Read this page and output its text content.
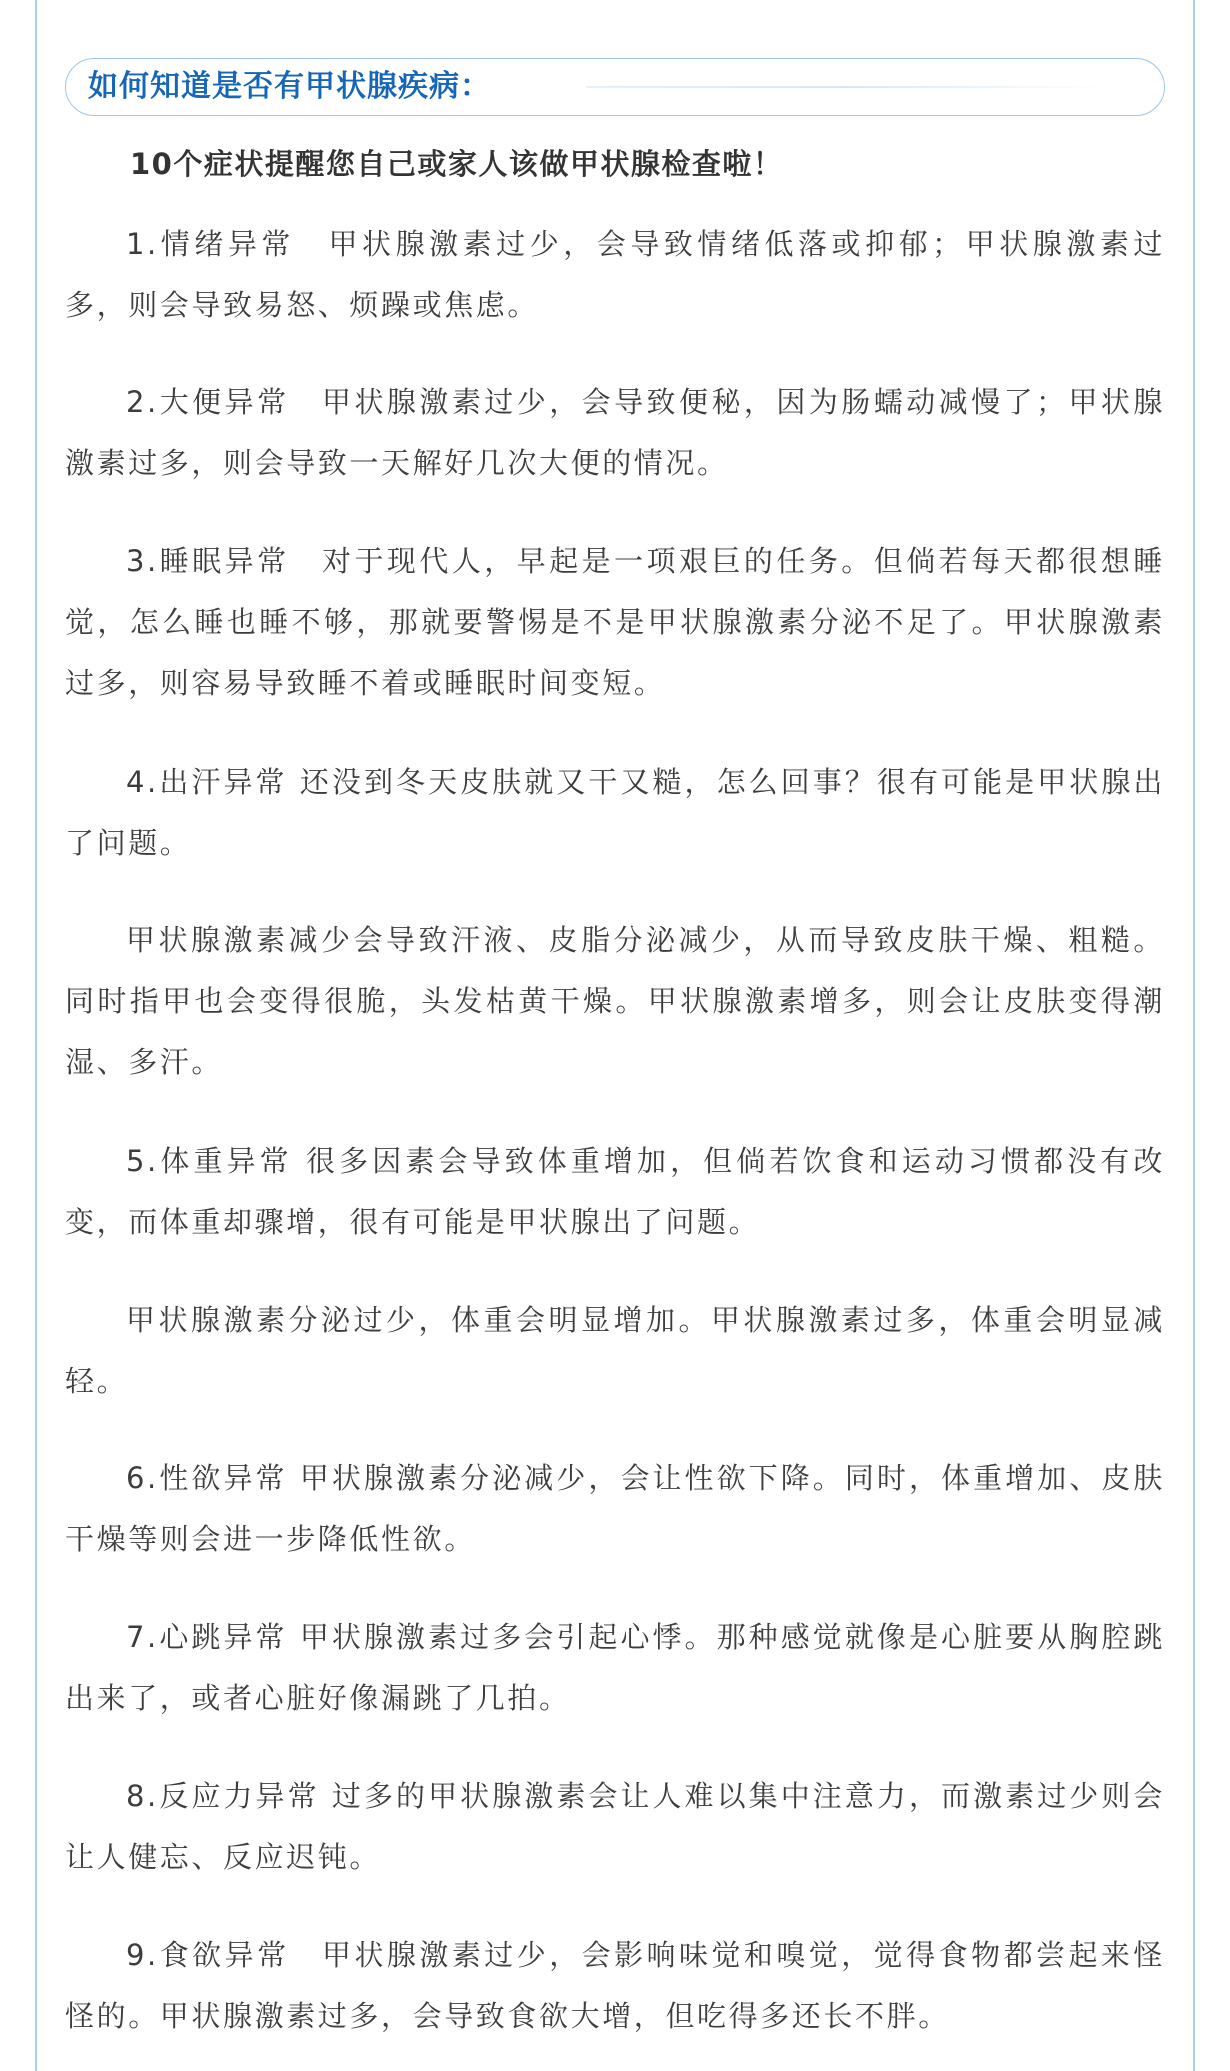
如何知道是否有甲状腺疾病：
10个症状提醒您自己或家人该做甲状腺检查啦！

1.情绪异常　甲状腺激素过少，会导致情绪低落或抑郁；甲状腺激素过多，则会导致易怒、烦躁或焦虑。

2.大便异常　甲状腺激素过少，会导致便秘，因为肠蠕动减慢了；甲状腺激素过多，则会导致一天解好几次大便的情况。

3.睡眠异常　对于现代人，早起是一项艰巨的任务。但倘若每天都很想睡觉，怎么睡也睡不够，那就要警惕是不是甲状腺激素分泌不足了。甲状腺激素过多，则容易导致睡不着或睡眠时间变短。

4.出汗异常 还没到冬天皮肤就又干又糙，怎么回事？很有可能是甲状腺出了问题。

甲状腺激素减少会导致汗液、皮脂分泌减少，从而导致皮肤干燥、粗糙。同时指甲也会变得很脆，头发枯黄干燥。甲状腺激素增多，则会让皮肤变得潮湿、多汗。

5.体重异常 很多因素会导致体重增加，但倘若饮食和运动习惯都没有改变，而体重却骤增，很有可能是甲状腺出了问题。

甲状腺激素分泌过少，体重会明显增加。甲状腺激素过多，体重会明显减轻。

6.性欲异常 甲状腺激素分泌减少，会让性欲下降。同时，体重增加、皮肤干燥等则会进一步降低性欲。

7.心跳异常 甲状腺激素过多会引起心悸。那种感觉就像是心脏要从胸腔跳出来了，或者心脏好像漏跳了几拍。

8.反应力异常 过多的甲状腺激素会让人难以集中注意力，而激素过少则会让人健忘、反应迟钝。

9.食欲异常　甲状腺激素过少，会影响味觉和嗅觉，觉得食物都尝起来怪怪的。甲状腺激素过多，会导致食欲大增，但吃得多还长不胖。
